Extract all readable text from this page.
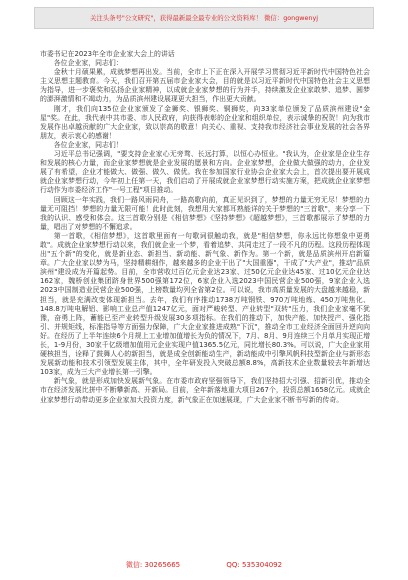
关注头条号"公文研究"，获得最新最全最专业的公文资料库！ 微信：gongwenyj

市委书记在2023年全市企业家大会上的讲话

各位企业家，同志们：

金秋十月硕果累，成就梦想再出发。当前，全市上下正在深入开展学习贯彻习近平新时代中国特色社会主义思想主题教育。今天，我们召开第五届市企业家大会，目的就是以习近平新时代中国特色社会主义思想为指导，进一步褒奖和弘扬企业家精神，以成就企业家梦想的行为并手，持续激发企业家敢梦、追梦、圆梦的澎湃激情和不竭动力，为品质滨州建设展现更大担当，作出更大贡献。

刚才，我们向135位企业家颁发了金狮奖、银狮奖、铜狮奖，向33家单位颁发了品质滨州建设"金星"奖。在此，我代表中共市委、市人民政府，向获得表彰的企业家和组织单位，表示诚挚的祝贺！向为我市发展作出卓越贡献的广大企业家，致以崇高的敬意！向关心、重视、支持我市经济社会事业发展的社会各界朋友，表示衷心的感谢！

各位企业家，同志们！

习近平总书记强调，"要支持企业家心无旁骛、长远打算，以恒心办恒业。"我认为，企业家是企业生存和发展的核心力量，而企业家梦想就是企业发展的愿景和方向。企业家梦想，企业做大做强的动力，企业发展了有希望，企业才能做大、做强、做久、做优。我在参加国家行业协会企业家大会上，首次提出要开展成就企业家梦想行动，今年初上任第一天，我们启动了开展成就企业家梦想行动实施方案，把成就企业家梦想行动作为市委经济工作"一号工程"项目推动。

回顾这一年实践，我们一路风雨同舟，一路高歌向前，真正见识到了，梦想的力量无穷无尽！梦想的力量无可阻挡！梦想的力量无限可能！此时此刻，我想用大家都耳熟能详的关于梦想的"三首歌"，来分享一下我的认识、感受和体会。这三首歌分别是《相信梦想》《坚持梦想》《超越梦想》，三首歌都展示了梦想的力量，唱出了对梦想的不懈追求。

第一首歌，《相信梦想》，这首歌里面有一句歌词很触动我，就是"相信梦想，你永远比你想象中更勇敢"。成就企业家梦想行动以来，我们就企业一个梦，看着追梦、共同走过了一段不凡的历程。这段历程体现出"五个新"的变化，就是新业态、新担当、新动能、新气象、新作为。第一个新，就是品质滨州开启新篇章。广大企业家以梦为马，坚持精耕细作，越来越多的企业干出了"大国重器"，干成了"大产业"，推动"品质滨州"建设成为开篇起势。目前，全市营收过百亿元企业达23家、过50亿元企业达45家、过10亿元企业达162家，魏桥创业集团跻身世界500强第172位，6家企业入选2023中国民营企业500强，9家企业入选2023中国制造业民营企业500强，上榜数量均列全省第2位。可以说，我市高质量发展的大盘越来越稳，新担当，就是充满改变体现新担当。去年，我们有序推动1738万吨钢铁、970万吨地炼、450万吨焦化、148.8万吨电解铝、影响工业总产值1247亿元，面对严峻转型、产业转型"双转"压力，我们企业家毫不犹豫，奋勇上阵，蓄能已至产业转型升级发展30多项指标。在我们的推动下，加快产能、加快授产、强化指引、并规矩线，标准指导等方面强力保障，广大企业家推进成熟"下沉"，推动全市工业经济全面回升逆向向好。在经历了上半年连续6个月规上工业增加值增长为负的情况下，7月、8月、9月连续三个月单月实现正增长，1-9月份，30家千亿级增加值用元企业实现户值1365.5亿元，同比增长80.3%。可以说，广大企业家用硬核担当，诠释了鼓舞人心的新担当，就是成全创新能动生产，新动能成中引擎风帆科技型新企业与新形态发展新动能和技术引领型发展主体，其中，全年研发投入突破总额8.8%，高新技术企业数量较去年新增达103家，成为三大产业增长第一引擎。

新气象，就是形成加快发展新气象。在市委市政府坚强领导下，我们坚持招大引强、招新引优，推动全市在经济发展比拼中不断攀新高、开新局。目前，全年新落地重大项目267个，投资总额1658亿元。成就企业家梦想行动带动更多企业家加大投资力度，新气象正在加速展现，广大企业家不断书写新的传奇。

微信: 30265665	QQ: 535304092
